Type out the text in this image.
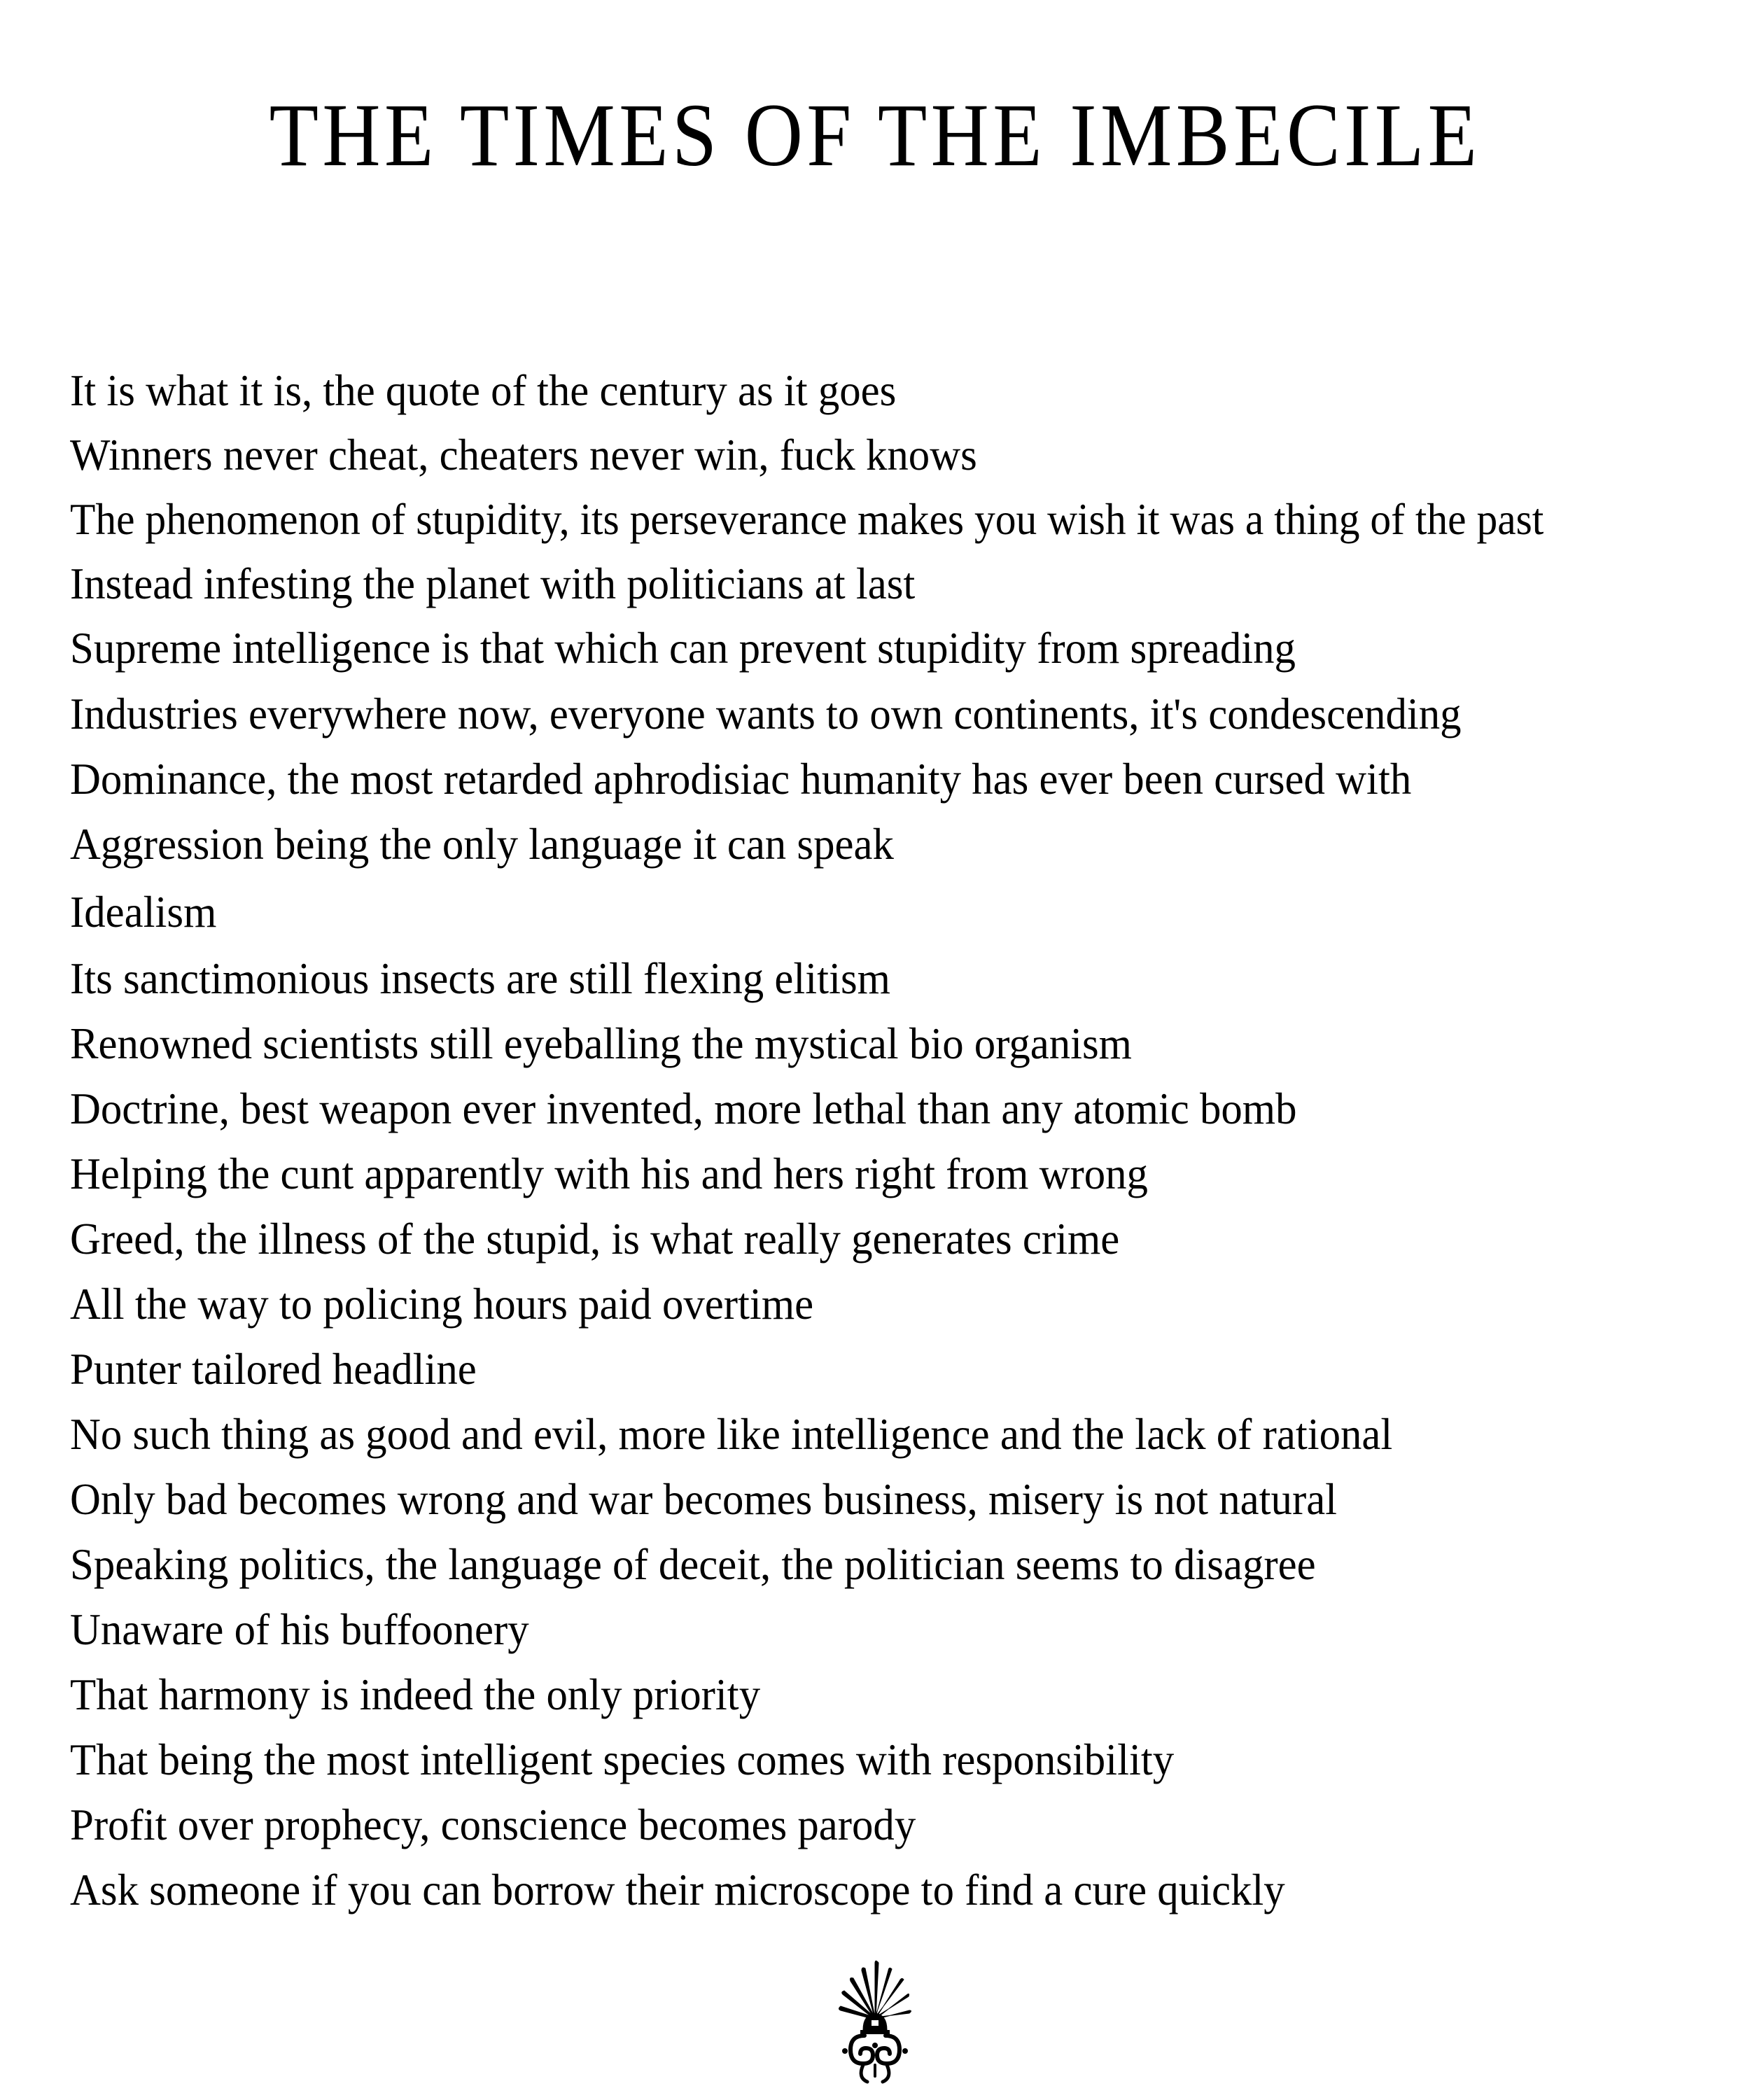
THE TIMES OF THE IMBECILE
It is what it is, the quote of the century as it goes
Winners never cheat, cheaters never win, fuck knows
The phenomenon of stupidity, its perseverance makes you wish it was a thing of the past
Instead infesting the planet with politicians at last
Supreme intelligence is that which can prevent stupidity from spreading
Industries everywhere now, everyone wants to own continents, it's condescending
Dominance, the most retarded aphrodisiac humanity has ever been cursed with
Aggression being the only language it can speak
Idealism
Its sanctimonious insects are still flexing elitism
Renowned scientists still eyeballing the mystical bio organism
Doctrine, best weapon ever invented, more lethal than any atomic bomb
Helping the cunt apparently with his and hers right from wrong
Greed, the illness of the stupid, is what really generates crime
All the way to policing hours paid overtime
Punter tailored headline
No such thing as good and evil, more like intelligence and the lack of rational
Only bad becomes wrong and war becomes business, misery is not natural
Speaking politics, the language of deceit, the politician seems to disagree
Unaware of his buffoonery
That harmony is indeed the only priority
That being the most intelligent species comes with responsibility
Profit over prophecy, conscience becomes parody
Ask someone if you can borrow their microscope to find a cure quickly
